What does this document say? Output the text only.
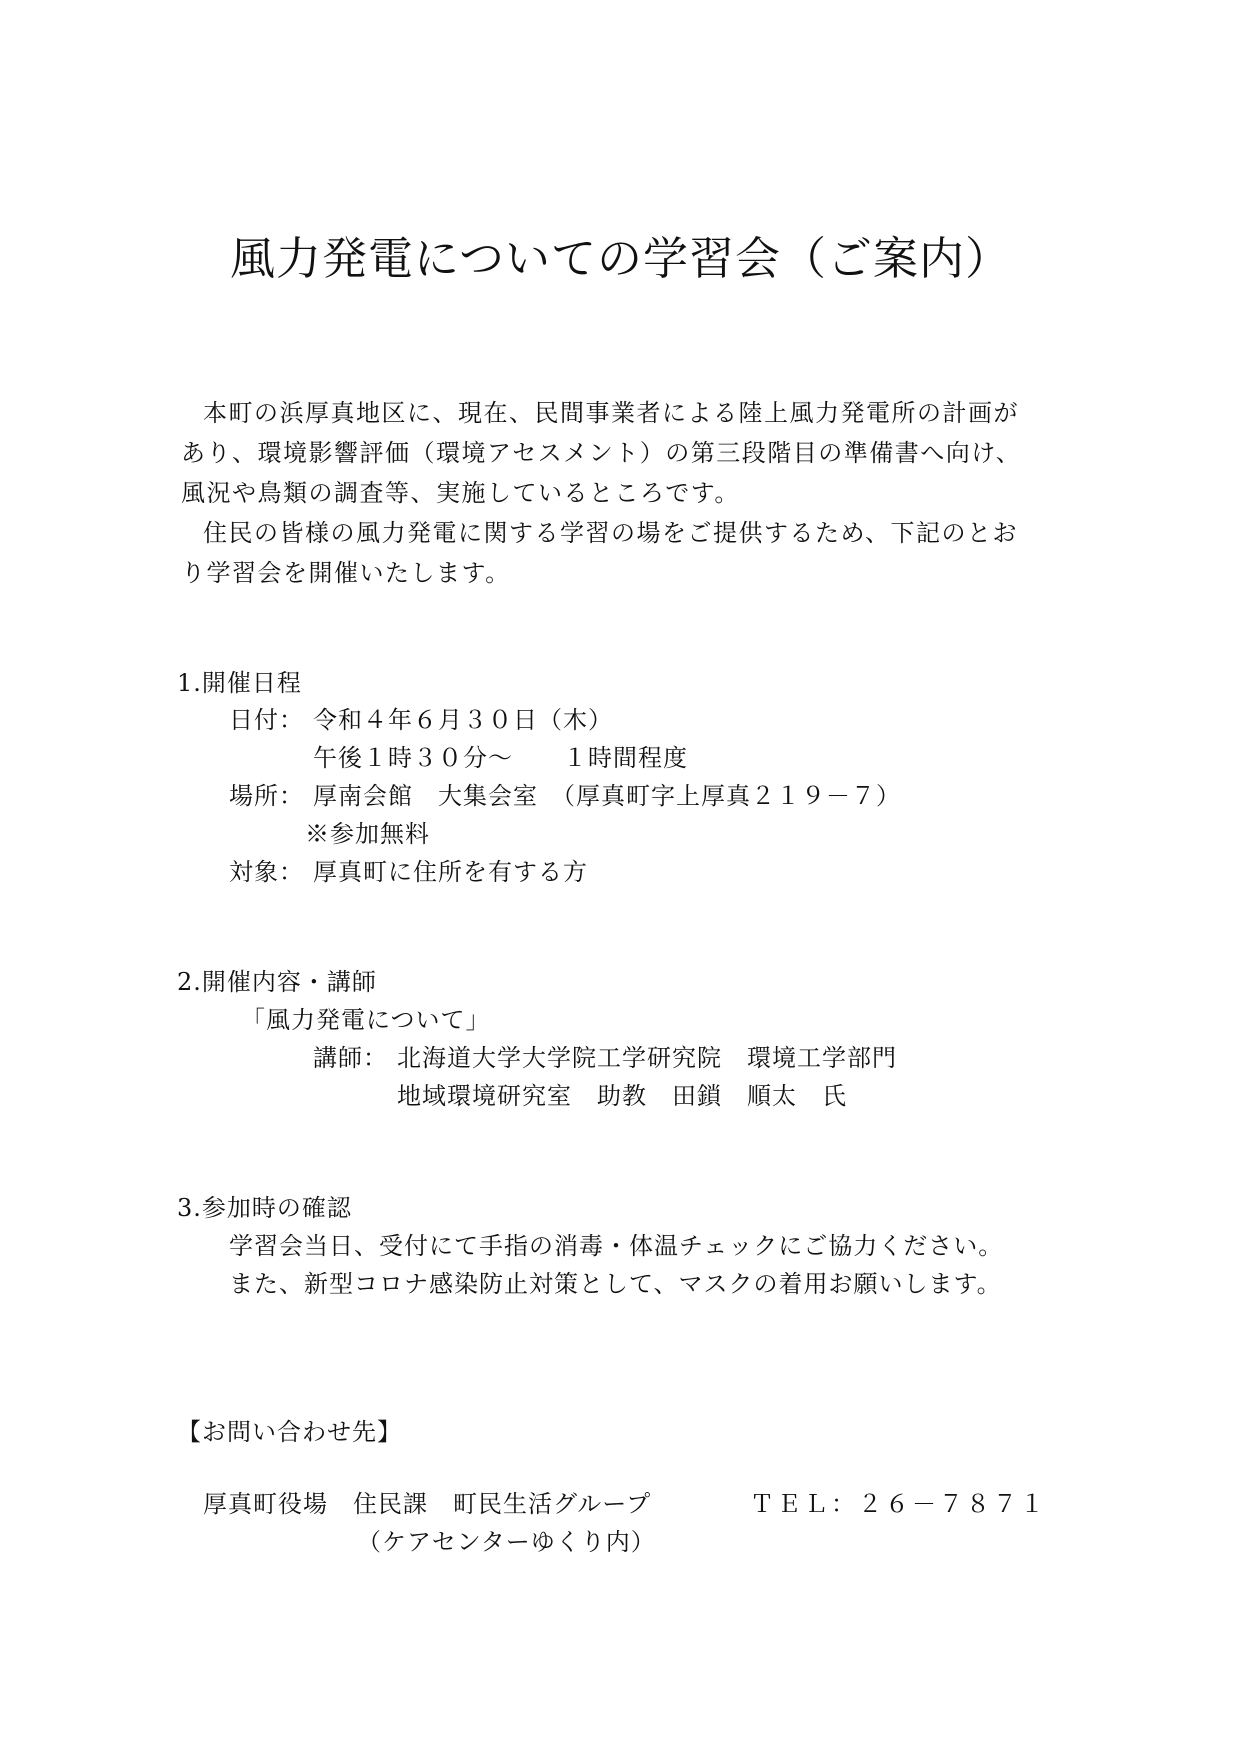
風力発電についての学習会（ご案内）
本町の浜厚真地区に、現在、民間事業者による陸上風力発電所の計画が
あり、環境影響評価（環境アセスメント）の第三段階目の準備書へ向け、
風況や鳥類の調査等、実施しているところです。
住民の皆様の風力発電に関する学習の場をご提供するため、下記のとお
り学習会を開催いたします。
1.開催日程
日付： 令和４年６月３０日（木）
午後１時３０分～　　１時間程度
場所： 厚南会館　大集会室　（厚真町字上厚真２１９－７）
※参加無料
対象： 厚真町に住所を有する方
2.開催内容・講師
「風力発電について」
講師： 北海道大学大学院工学研究院　環境工学部門
地域環境研究室　助教　田鎖　順太　氏
3.参加時の確認
学習会当日、受付にて手指の消毒・体温チェックにご協力ください。
また、新型コロナ感染防止対策として、マスクの着用お願いします。
【お問い合わせ先】
厚真町役場　住民課　町民生活グループ	ＴＥＬ：２６－７８７１
（ケアセンターゆくり内）
